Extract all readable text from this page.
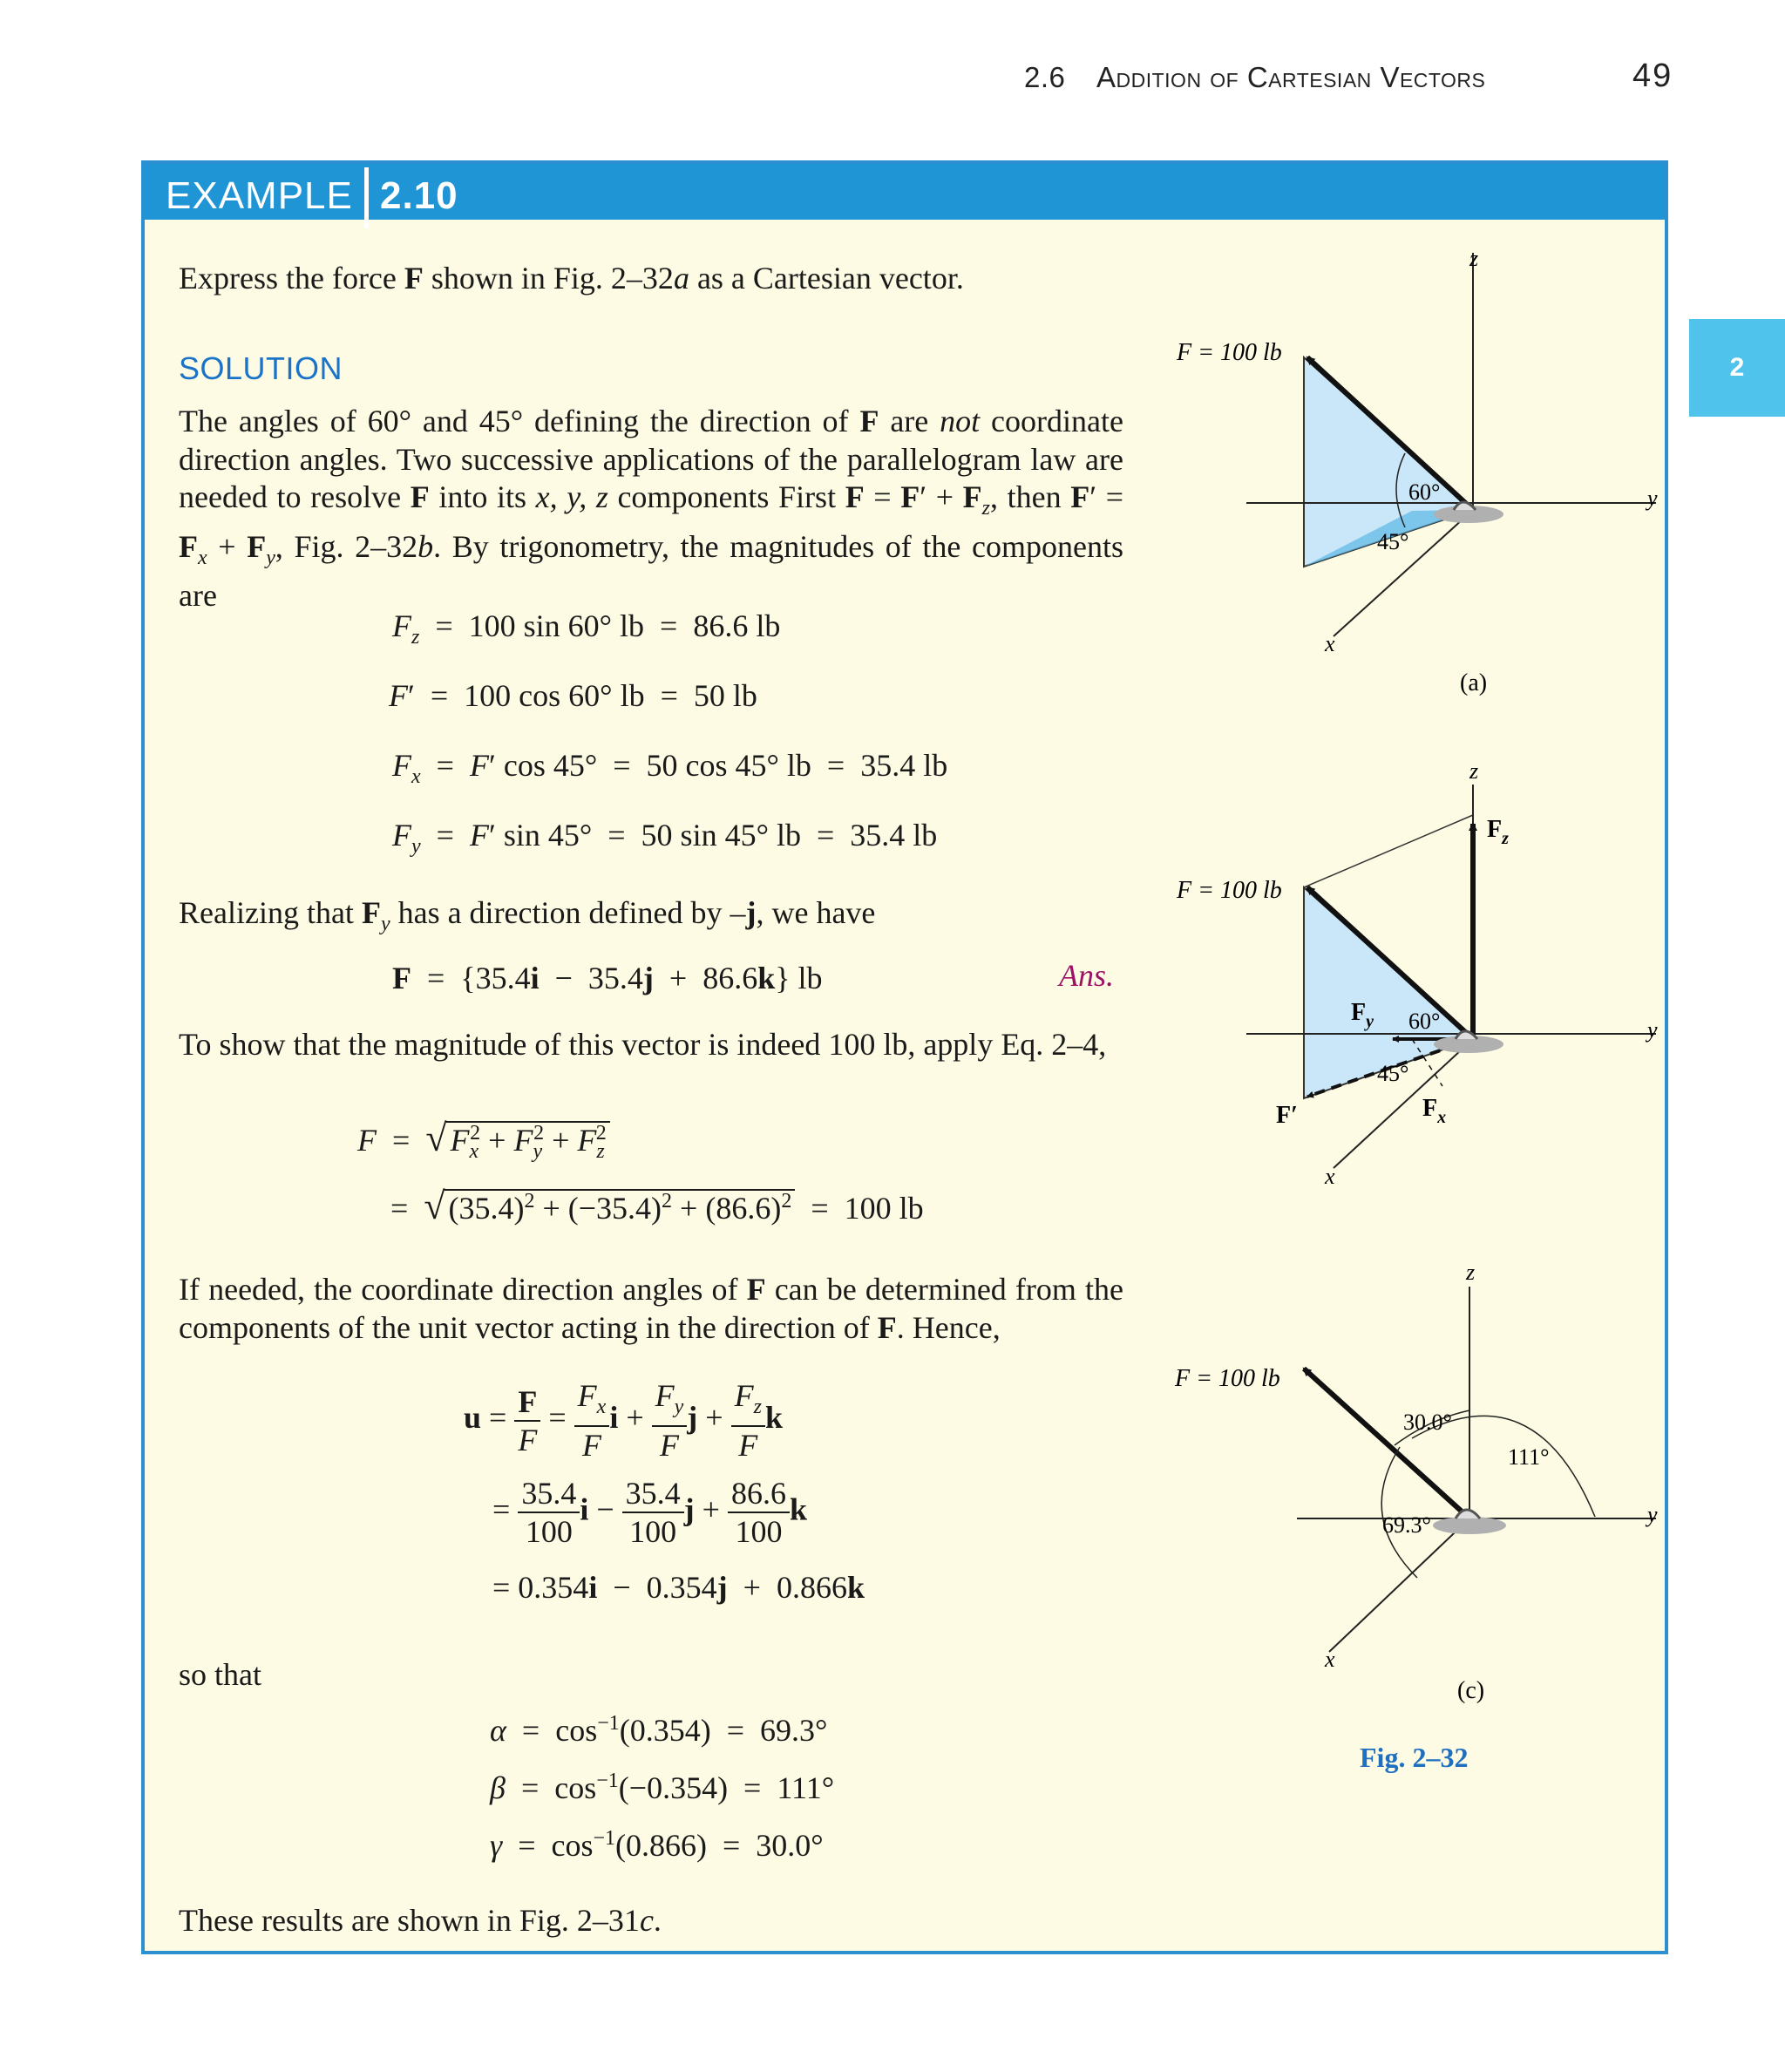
2.6 Addition of Cartesian Vectors	49
2
EXAMPLE 2.10
Express the force F shown in Fig. 2–32a as a Cartesian vector.
SOLUTION
The angles of 60° and 45° defining the direction of F are not coordinate direction angles. Two successive applications of the parallelogram law are needed to resolve F into its x, y, z components First $F = F' + F_z$, then $F' = F_x + F_y$, Fig. 2–32b. By trigonometry, the magnitudes of the components are
$F_z = 100$ sin 60° lb  =  86.6 lb
F′  =  100 cos 60° lb  =  50 lb
$F_x = F'$ cos 45°  =  50 cos 45° lb  =  35.4 lb
$F_y = F'$ sin 45°  =  50 sin 45° lb  =  35.4 lb
Realizing that $F_y$ has a direction defined by –j, we have
F  =  {35.4i  −  35.4j  +  86.6k} lb	Ans.
To show that the magnitude of this vector is indeed 100 lb, apply Eq. 2–4,
F  =  √ $F_x^2 + F_y^2 + F_z^2$
=  √ $(35.4)^2 + (-35.4)^2 + (86.6)^2 = 100$ lb
If needed, the coordinate direction angles of F can be determined from the components of the unit vector acting in the direction of F. Hence,
$u = \frac{F}{F} = \frac{F_x}{F}$ $i + \frac{F_y}{F}$ $j + \frac{F_z}{F}$ k
= $\frac{35.4}{100}$ $i - \frac{35.4}{100}$ $j + \frac{86.6}{100}$ k
= 0.354i  −  0.354j  +  0.866k
so that
$\alpha = \cos^{-1}(0.354) = 69.3^\circ$
$\beta = \cos^{-1}(-0.354) = 111^\circ$
$\gamma = \cos^{-1}(0.866) = 30.0^\circ$
These results are shown in Fig. 2–31c.
60°
45°
F = 100 lb
z
y
x
(a)
60°
45°
F = 100 lb
$F_z$
$F_y$
$F_x$
F′
z
y
x
30.0°
111°
69.3°
F = 100 lb
z
y
x
(c)
Fig. 2–32
